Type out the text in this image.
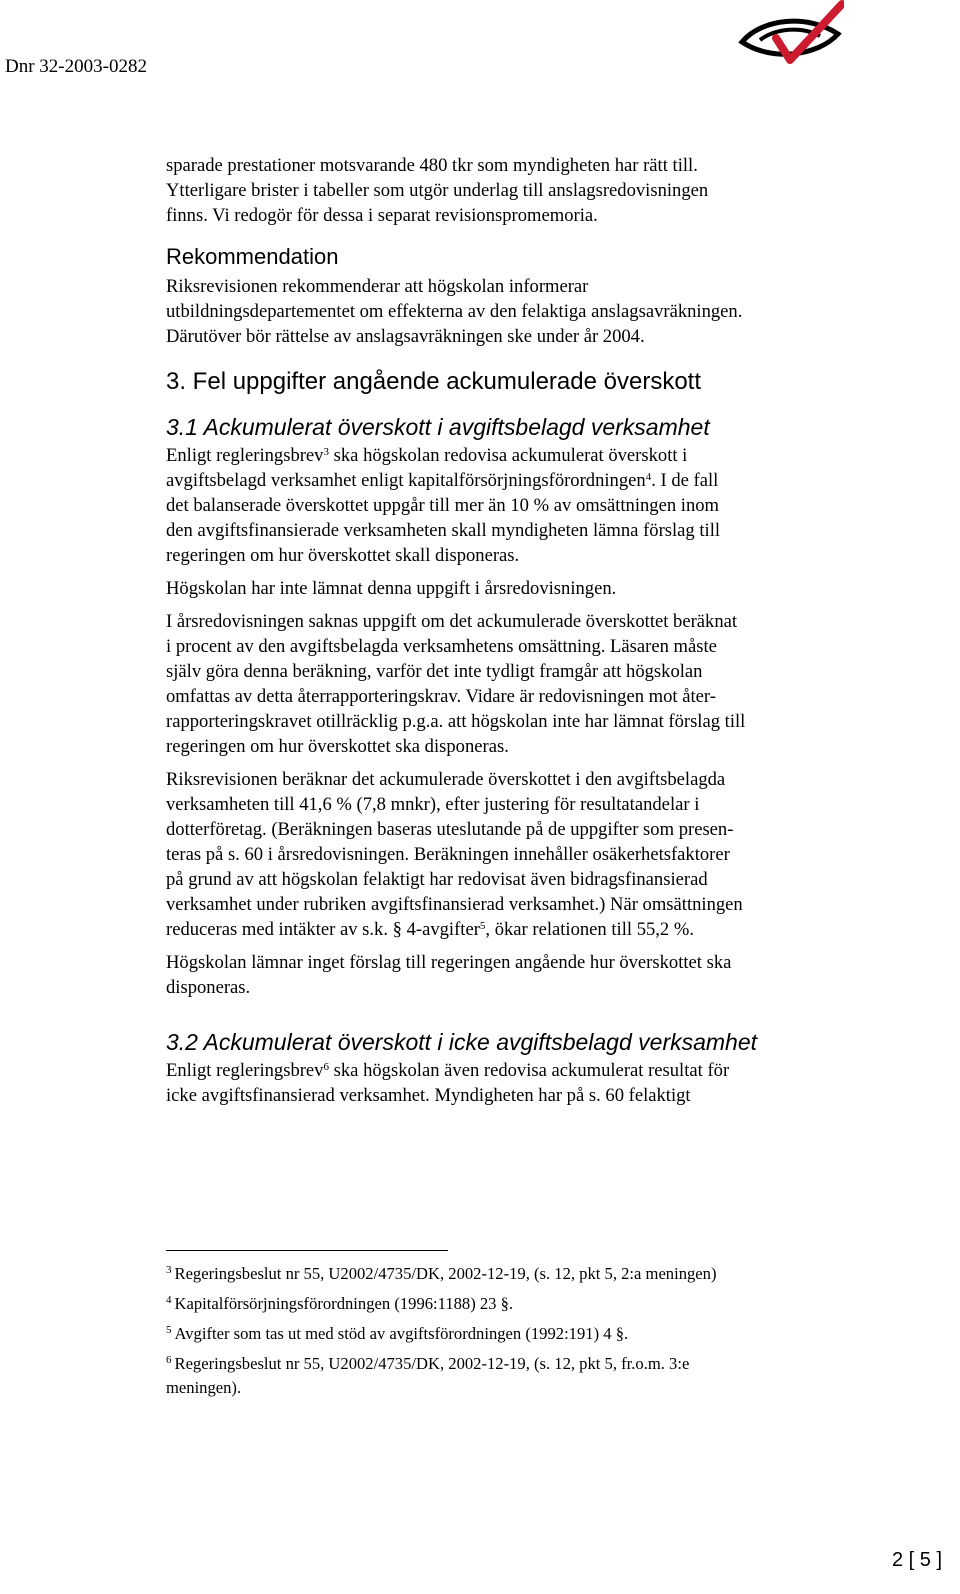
Dnr 32-2003-0282

sparade prestationer motsvarande 480 tkr som myndigheten har rätt till.
Ytterligare brister i tabeller som utgör underlag till anslagsredovisningen
finns. Vi redogör för dessa i separat revisionspromemoria.

Rekommendation

Riksrevisionen rekommenderar att högskolan informerar
utbildningsdepartementet om effekterna av den felaktiga anslagsavräkningen.
Därutöver bör rättelse av anslagsavräkningen ske under år 2004.

3. Fel uppgifter angående ackumulerade överskott
3.1 Ackumulerat överskott i avgiftsbelagd verksamhet

Enligt regleringsbrev$^3$ ska högskolan redovisa ackumulerat överskott i
avgiftsbelagd verksamhet enligt kapitalförsörjningsförordningen$^4$. I de fall
det balanserade överskottet uppgår till mer än 10 % av omsättningen inom
den avgiftsfinansierade verksamheten skall myndigheten lämna förslag till
regeringen om hur överskottet skall disponeras.

Högskolan har inte lämnat denna uppgift i årsredovisningen.

I årsredovisningen saknas uppgift om det ackumulerade överskottet beräknat
i procent av den avgiftsbelagda verksamhetens omsättning. Läsaren måste
själv göra denna beräkning, varför det inte tydligt framgår att högskolan
omfattas av detta återrapporteringskrav. Vidare är redovisningen mot åter-
rapporteringskravet otillräcklig p.g.a. att högskolan inte har lämnat förslag till
regeringen om hur överskottet ska disponeras.

Riksrevisionen beräknar det ackumulerade överskottet i den avgiftsbelagda
verksamheten till 41,6 % (7,8 mnkr), efter justering för resultatandelar i
dotterföretag. (Beräkningen baseras uteslutande på de uppgifter som presen-
teras på s. 60 i årsredovisningen. Beräkningen innehåller osäkerhetsfaktorer
på grund av att högskolan felaktigt har redovisat även bidragsfinansierad
verksamhet under rubriken avgiftsfinansierad verksamhet.) När omsättningen
reduceras med intäkter av s.k. § 4-avgifter$^5$, ökar relationen till 55,2 %.

Högskolan lämnar inget förslag till regeringen angående hur överskottet ska
disponeras.

3.2 Ackumulerat överskott i icke avgiftsbelagd verksamhet

Enligt regleringsbrev$^6$ ska högskolan även redovisa ackumulerat resultat för
icke avgiftsfinansierad verksamhet. Myndigheten har på s. 60 felaktigt

$^3$ Regeringsbeslut nr 55, U2002/4735/DK, 2002-12-19, (s. 12, pkt 5, 2:a meningen)

$^4$ Kapitalförsörjningsförordningen (1996:1188) 23 §.

$^5$ Avgifter som tas ut med stöd av avgiftsförordningen (1992:191) 4 §.

$^6$ Regeringsbeslut nr 55, U2002/4735/DK, 2002-12-19, (s. 12, pkt 5, fr.o.m. 3:e
meningen).

2 [ 5 ]
